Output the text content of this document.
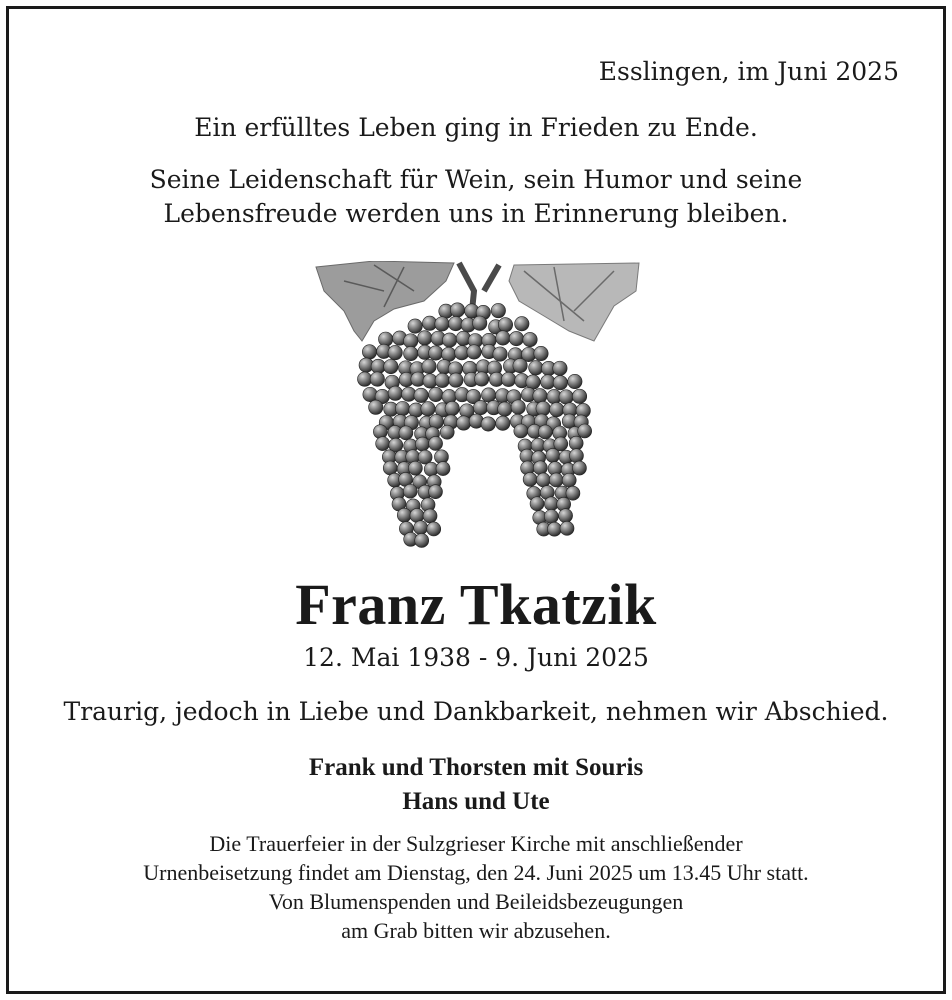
Esslingen, im Juni 2025
Ein erfülltes Leben ging in Frieden zu Ende.
Seine Leidenschaft für Wein, sein Humor und seine
Lebensfreude werden uns in Erinnerung bleiben.
Franz Tkatzik
12. Mai 1938 - 9. Juni 2025
Traurig, jedoch in Liebe und Dankbarkeit, nehmen wir Abschied.
Frank und Thorsten mit Souris
Hans und Ute
Die Trauerfeier in der Sulzgrieser Kirche mit anschließender
Urnenbeisetzung findet am Dienstag, den 24. Juni 2025 um 13.45 Uhr statt.
Von Blumenspenden und Beileidsbezeugungen
am Grab bitten wir abzusehen.
